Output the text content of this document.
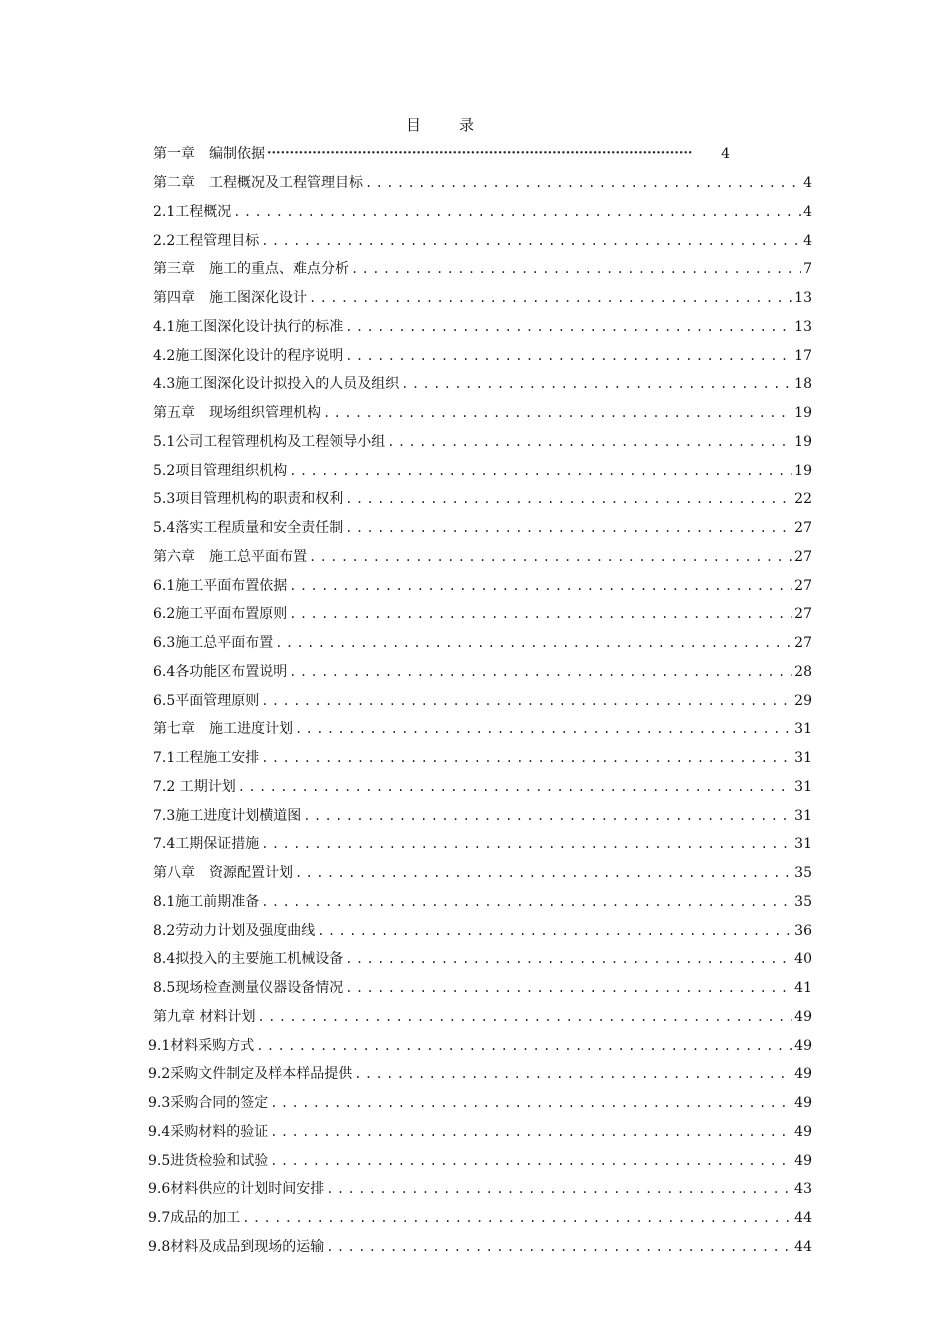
目	录
第一章　编制依据 ·····	4
第二章　工程概况及工程管理目标 .....	4
2.1工程概况 .....	4
2.2工程管理目标 .....	4
第三章　施工的重点、难点分析 .....	7
第四章　施工图深化设计 .....	13
4.1施工图深化设计执行的标准 .....	13
4.2施工图深化设计的程序说明 .....	17
4.3施工图深化设计拟投入的人员及组织 .....	18
第五章　现场组织管理机构 .....	19
5.1公司工程管理机构及工程领导小组 .....	19
5.2项目管理组织机构 .....	19
5.3项目管理机构的职责和权利 .....	22
5.4落实工程质量和安全责任制 .....	27
第六章　施工总平面布置 .....	27
6.1施工平面布置依据 .....	27
6.2施工平面布置原则 .....	27
6.3施工总平面布置 .....	27
6.4各功能区布置说明 .....	28
6.5平面管理原则 .....	29
第七章　施工进度计划 .....	31
7.1工程施工安排 .....	31
7.2 工期计划 .....	31
7.3施工进度计划横道图 .....	31
7.4工期保证措施 .....	31
第八章　资源配置计划 .....	35
8.1施工前期准备 .....	35
8.2劳动力计划及强度曲线 .....	36
8.4拟投入的主要施工机械设备 .....	40
8.5现场检查测量仪器设备情况 .....	41
第九章 材料计划 .....	49
9.1材料采购方式 .....	49
9.2采购文件制定及样本样品提供 .....	49
9.3采购合同的签定 .....	49
9.4采购材料的验证 .....	49
9.5进货检验和试验 .....	49
9.6材料供应的计划时间安排 .....	43
9.7成品的加工 .....	44
9.8材料及成品到现场的运输 .....	44
